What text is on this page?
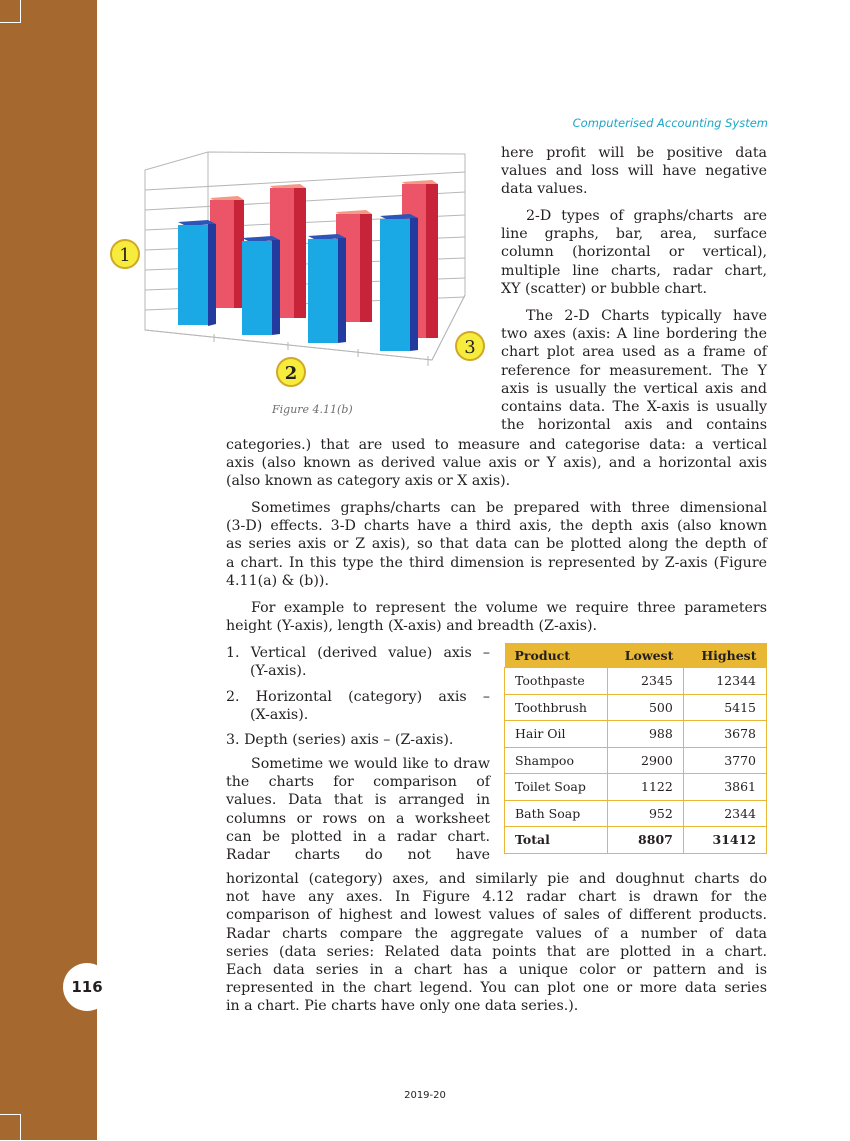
116
Computerised Accounting System
1
2
3
Figure 4.11(b)
here profit will be positive data
values and loss will have negative
data values.
2-D types of graphs/charts are
line graphs, bar, area, surface
column (horizontal or vertical),
multiple line charts, radar chart,
XY (scatter) or bubble chart.
The 2-D Charts typically have
two axes (axis: A line bordering the
chart plot area used as a frame of
reference for measurement. The Y
axis is usually the vertical axis and
contains data. The X-axis is usually
the horizontal axis and contains
categories.) that are used to measure and categorise data: a vertical
axis (also known as derived value axis or Y axis), and a horizontal axis
(also known as category axis or X axis).
Sometimes graphs/charts can be prepared with three dimensional
(3-D) effects. 3-D charts have a third axis, the depth axis (also known
as series axis or Z axis), so that data can be plotted along the depth of
a chart. In this type the third dimension is represented by Z-axis (Figure
4.11(a) & (b)).
For example to represent the volume we require three parameters
height (Y-axis), length (X-axis) and breadth (Z-axis).
1. Vertical (derived value) axis –
(Y-axis).
2. Horizontal (category) axis –
(X-axis).
3. Depth (series) axis – (Z-axis).
Sometime we would like to draw
the charts for comparison of
values. Data that is arranged in
columns or rows on a worksheet
can be plotted in a radar chart.
Radar charts do not have
horizontal (category) axes, and similarly pie and doughnut charts do
not have any axes. In Figure 4.12 radar chart is drawn for the
comparison of highest and lowest values of sales of different products.
Radar charts compare the aggregate values of a number of data
series (data series: Related data points that are plotted in a chart.
Each data series in a chart has a unique color or pattern and is
represented in the chart legend. You can plot one or more data series
in a chart. Pie charts have only one data series.).
Product	Lowest	Highest
Toothpaste	2345	12344
Toothbrush	500	5415
Hair Oil	988	3678
Shampoo	2900	3770
Toilet Soap	1122	3861
Bath Soap	952	2344
Total	8807	31412
2019-20
